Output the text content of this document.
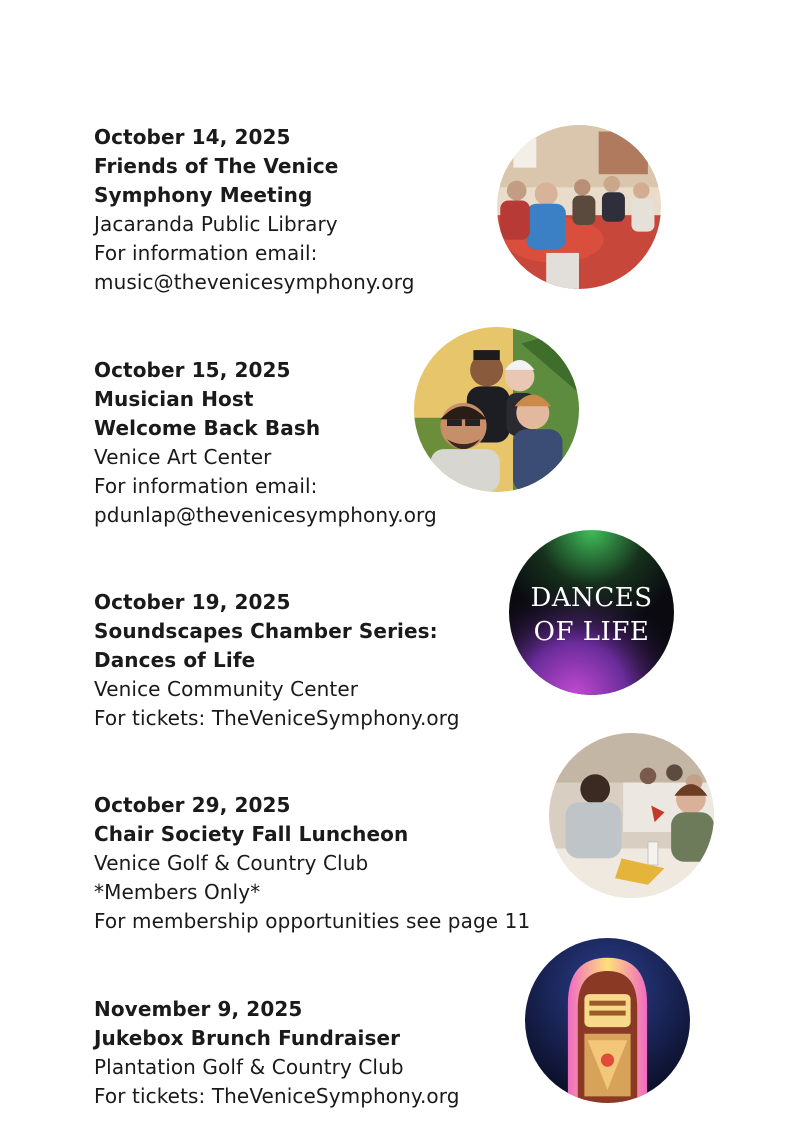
October 14, 2025
Friends of The Venice
Symphony Meeting
Jacaranda Public Library
For information email:
music@thevenicesymphony.org
October 15, 2025
Musician Host
Welcome Back Bash
Venice Art Center
For information email:
pdunlap@thevenicesymphony.org
October 19, 2025
Soundscapes Chamber Series:
Dances of Life
Venice Community Center
For tickets: TheVeniceSymphony.org
DANCES
OF LIFE
October 29, 2025
Chair Society Fall Luncheon
Venice Golf & Country Club
*Members Only*
For membership opportunities see page 11
November 9, 2025
Jukebox Brunch Fundraiser
Plantation Golf & Country Club
For tickets: TheVeniceSymphony.org
